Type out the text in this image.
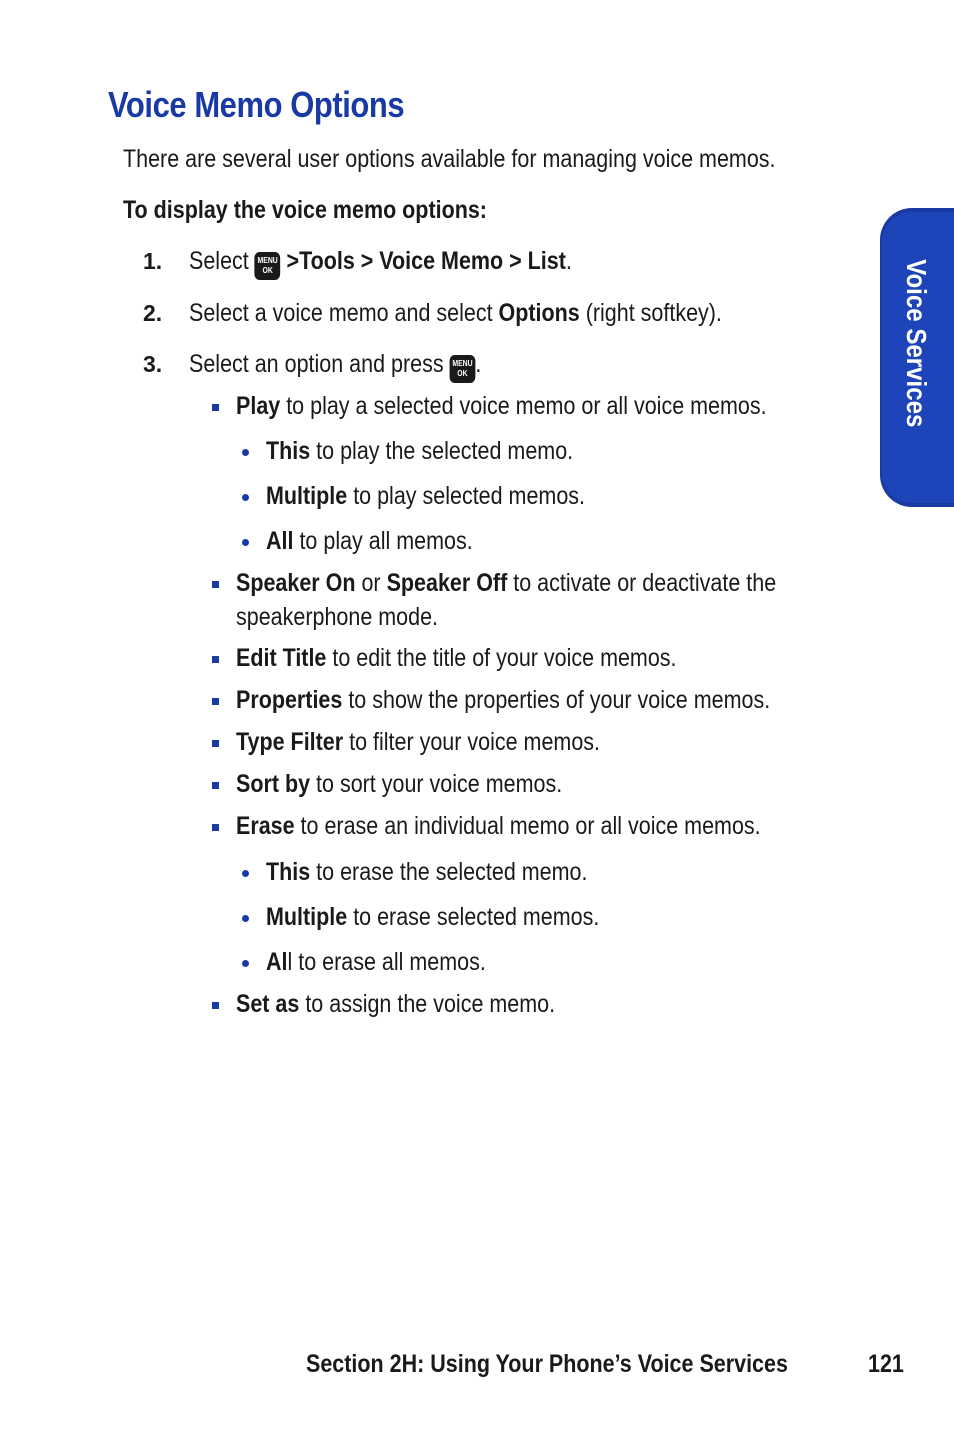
Voice Memo Options
There are several user options available for managing voice memos.
To display the voice memo options:
1. Select MENU
OK >Tools > Voice Memo > List.
2. Select a voice memo and select Options (right softkey).
3. Select an option and press MENU
OK .
Play to play a selected voice memo or all voice memos.
This to play the selected memo.
Multiple to play selected memos.
All to play all memos.
Speaker On or Speaker Off to activate or deactivate the
speakerphone mode.
Edit Title to edit the title of your voice memos.
Properties to show the properties of your voice memos.
Type Filter to filter your voice memos.
Sort by to sort your voice memos.
Erase to erase an individual memo or all voice memos.
This to erase the selected memo.
Multiple to erase selected memos.
All to erase all memos.
Set as to assign the voice memo.
Voice Services
Section 2H: Using Your Phone’s Voice Services	121
